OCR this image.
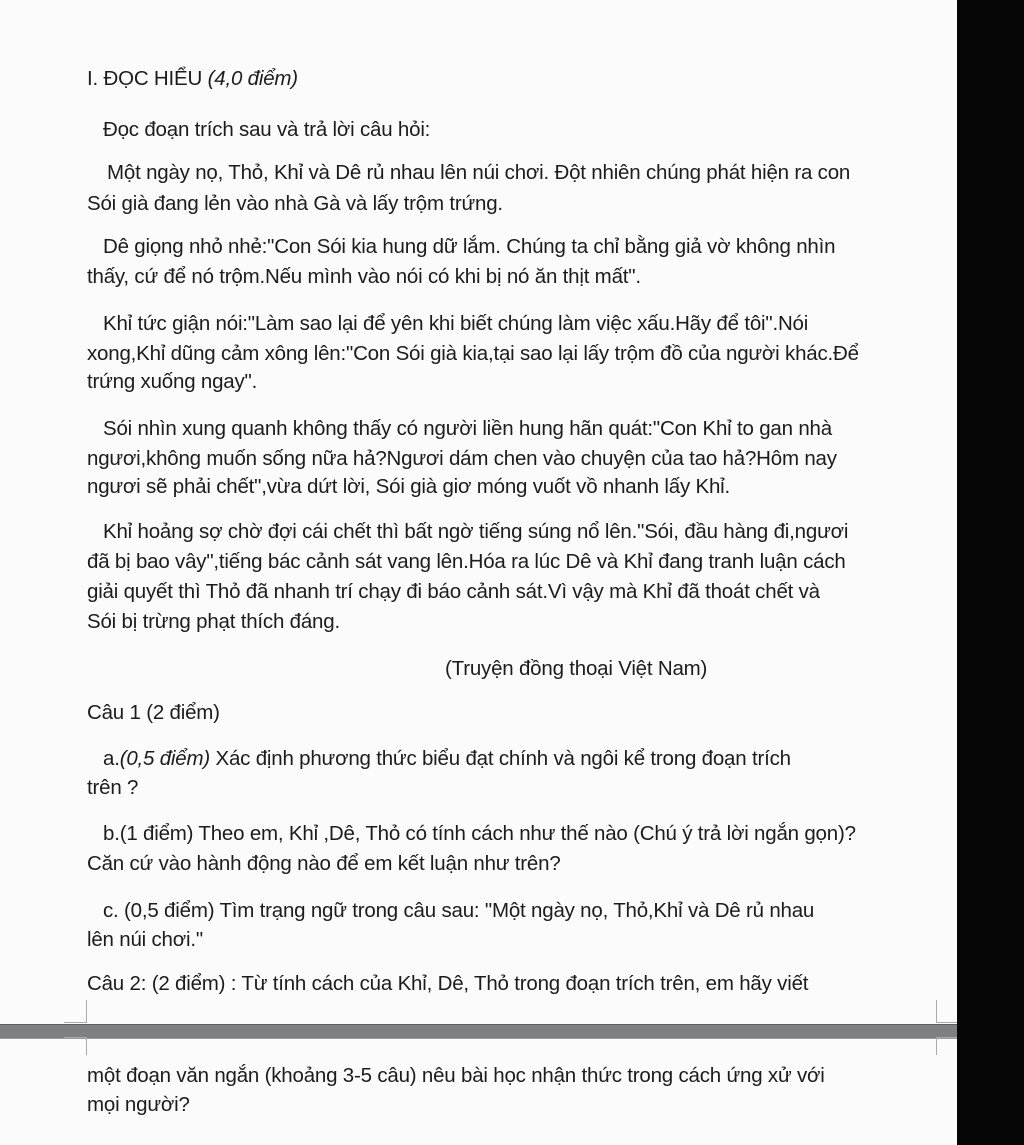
I. ĐỌC HIỂU (4,0 điểm)
Đọc đoạn trích sau và trả lời câu hỏi:
Một ngày nọ, Thỏ, Khỉ và Dê rủ nhau lên núi chơi. Đột nhiên chúng phát hiện ra con
Sói già đang lẻn vào nhà Gà và lấy trộm trứng.
Dê giọng nhỏ nhẻ:"Con Sói kia hung dữ lắm. Chúng ta chỉ bằng giả vờ không nhìn
thấy, cứ để nó trộm.Nếu mình vào nói có khi bị nó ăn thịt mất".
Khỉ tức giận nói:"Làm sao lại để yên khi biết chúng làm việc xấu.Hãy để tôi".Nói
xong,Khỉ dũng cảm xông lên:"Con Sói già kia,tại sao lại lấy trộm đồ của người khác.Để
trứng xuống ngay".
Sói nhìn xung quanh không thấy có người liền hung hãn quát:"Con Khỉ to gan nhà
ngươi,không muốn sống nữa hả?Ngươi dám chen vào chuyện của tao hả?Hôm nay
ngươi sẽ phải chết",vừa dứt lời, Sói già giơ móng vuốt vồ nhanh lấy Khỉ.
Khỉ hoảng sợ chờ đợi cái chết thì bất ngờ tiếng súng nổ lên."Sói, đầu hàng đi,ngươi
đã bị bao vây",tiếng bác cảnh sát vang lên.Hóa ra lúc Dê và Khỉ đang tranh luận cách
giải quyết thì Thỏ đã nhanh trí chạy đi báo cảnh sát.Vì vậy mà Khỉ đã thoát chết và
Sói bị trừng phạt thích đáng.
(Truyện đồng thoại Việt Nam)
Câu 1 (2 điểm)
a.(0,5 điểm) Xác định phương thức biểu đạt chính và ngôi kể trong đoạn trích
trên ?
b.(1 điểm) Theo em, Khỉ ,Dê, Thỏ có tính cách như thế nào (Chú ý trả lời ngắn gọn)?
Căn cứ vào hành động nào để em kết luận như trên?
c. (0,5 điểm) Tìm trạng ngữ trong câu sau: "Một ngày nọ, Thỏ,Khỉ và Dê rủ nhau
lên núi chơi."
Câu 2: (2 điểm) : Từ tính cách của Khỉ, Dê, Thỏ trong đoạn trích trên, em hãy viết
một đoạn văn ngắn (khoảng 3-5 câu) nêu bài học nhận thức trong cách ứng xử với
mọi người?
